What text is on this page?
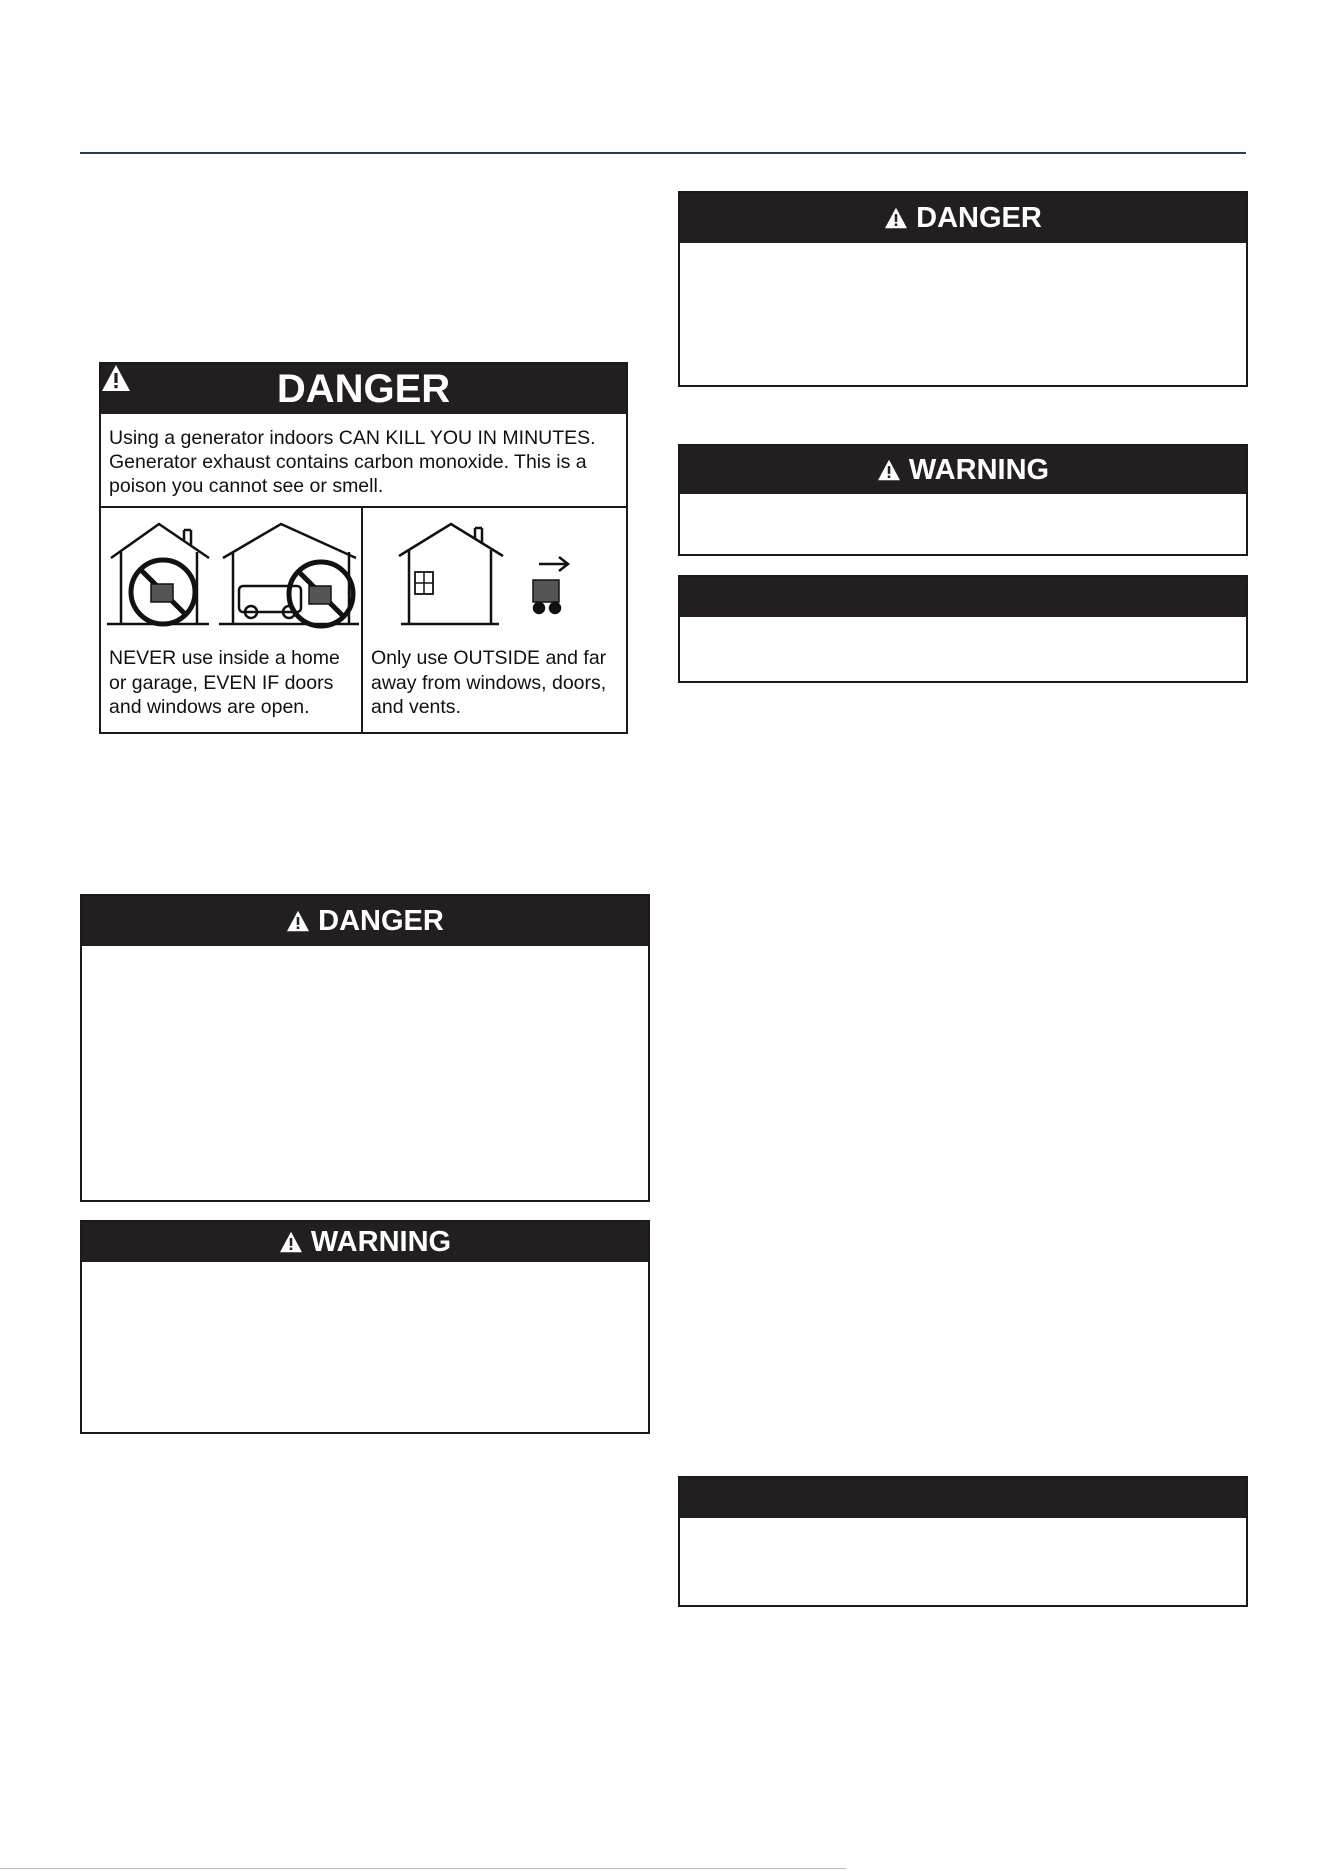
DANGER
Using a generator indoors CAN KILL YOU IN MINUTES.
Generator exhaust contains carbon monoxide. This is a
poison you cannot see or smell.
NEVER use inside a home
or garage, EVEN IF doors
and windows are open.
Only use OUTSIDE and far
away from windows, doors,
and vents.
DANGER
WARNING
DANGER
WARNING
